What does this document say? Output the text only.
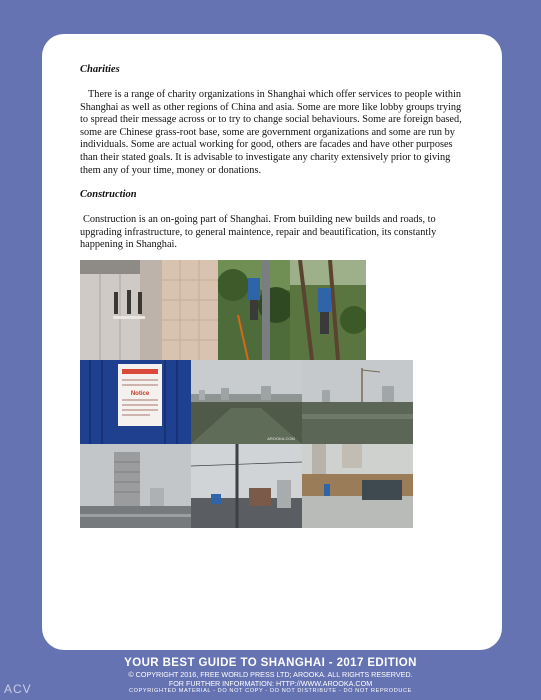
Charities

There is a range of charity organizations in Shanghai which offer services to people within Shanghai as well as other regions of China and asia. Some are more like lobby groups trying to spread their message across or to try to change social behaviours. Some are foreign based, some are Chinese grass-root base, some are government organizations and some are run by individuals. Some are actual working for good, others are facades and have other purposes than their stated goals. It is advisable to investigate any charity extensively prior to giving them any of your time, money or donations.

Construction

Construction is an on-going part of Shanghai. From building new builds and roads, to upgrading infrastructure, to general maintence, repair and beautification, its constantly happening in Shanghai.

Notice
AROOKA.COM
YOUR BEST GUIDE TO SHANGHAI - 2017 EDITION
© COPYRIGHT 2016, FREE WORLD PRESS LTD; AROOKA. ALL RIGHTS RESERVED.
FOR FURTHER INFORMATION: HTTP://WWW.AROOKA.COM
COPYRIGHTED MATERIAL - DO NOT COPY - DO NOT DISTRIBUTE - DO NOT REPRODUCE
ACV
